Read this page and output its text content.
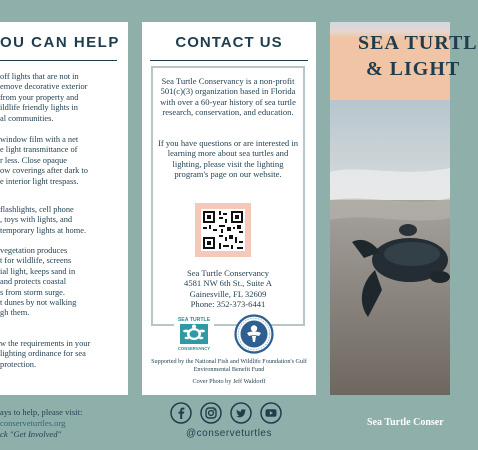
OU CAN HELP

off lights that are not in
emove decorative exterior
from your property and
ildlife friendly lights in
al communities.

window film with a net
e light transmittance of
r less. Close opaque
ow coverings after dark to
e interior light trespass.

flashlights, cell phone
, toys with lights, and
temporary lights at home.

vegetation produces
t for wildlife, screens
ial light, keeps sand in
and protects coastal
s from storm surge.
t dunes by not walking
gh them.

w the requirements in your
lighting ordinance for sea
protection.

CONTACT US

Sea Turtle Conservancy is a non-profit 501(c)(3) organization based in Florida with over a 60-year history of sea turtle research, conservation, and education.

If you have questions or are interested in learning more about sea turtles and lighting, please visit the lighting program's page on our website.

Sea Turtle Conservancy
4581 NW 6th St., Suite A
Gainesville, FL 32609
Phone: 352-373-6441

SEA TURTLE
CONSERVANCY

Supported by the National Fish and Wildlife Foundation's Gulf Environmental Benefit Fund

Cover Photo by Jeff Waldorff

SEA TURTL
& LIGHT
ays to help, please visit:
conserveturtles.org
ck "Get Involved"	@conserveturtles
Sea Turtle Conser
